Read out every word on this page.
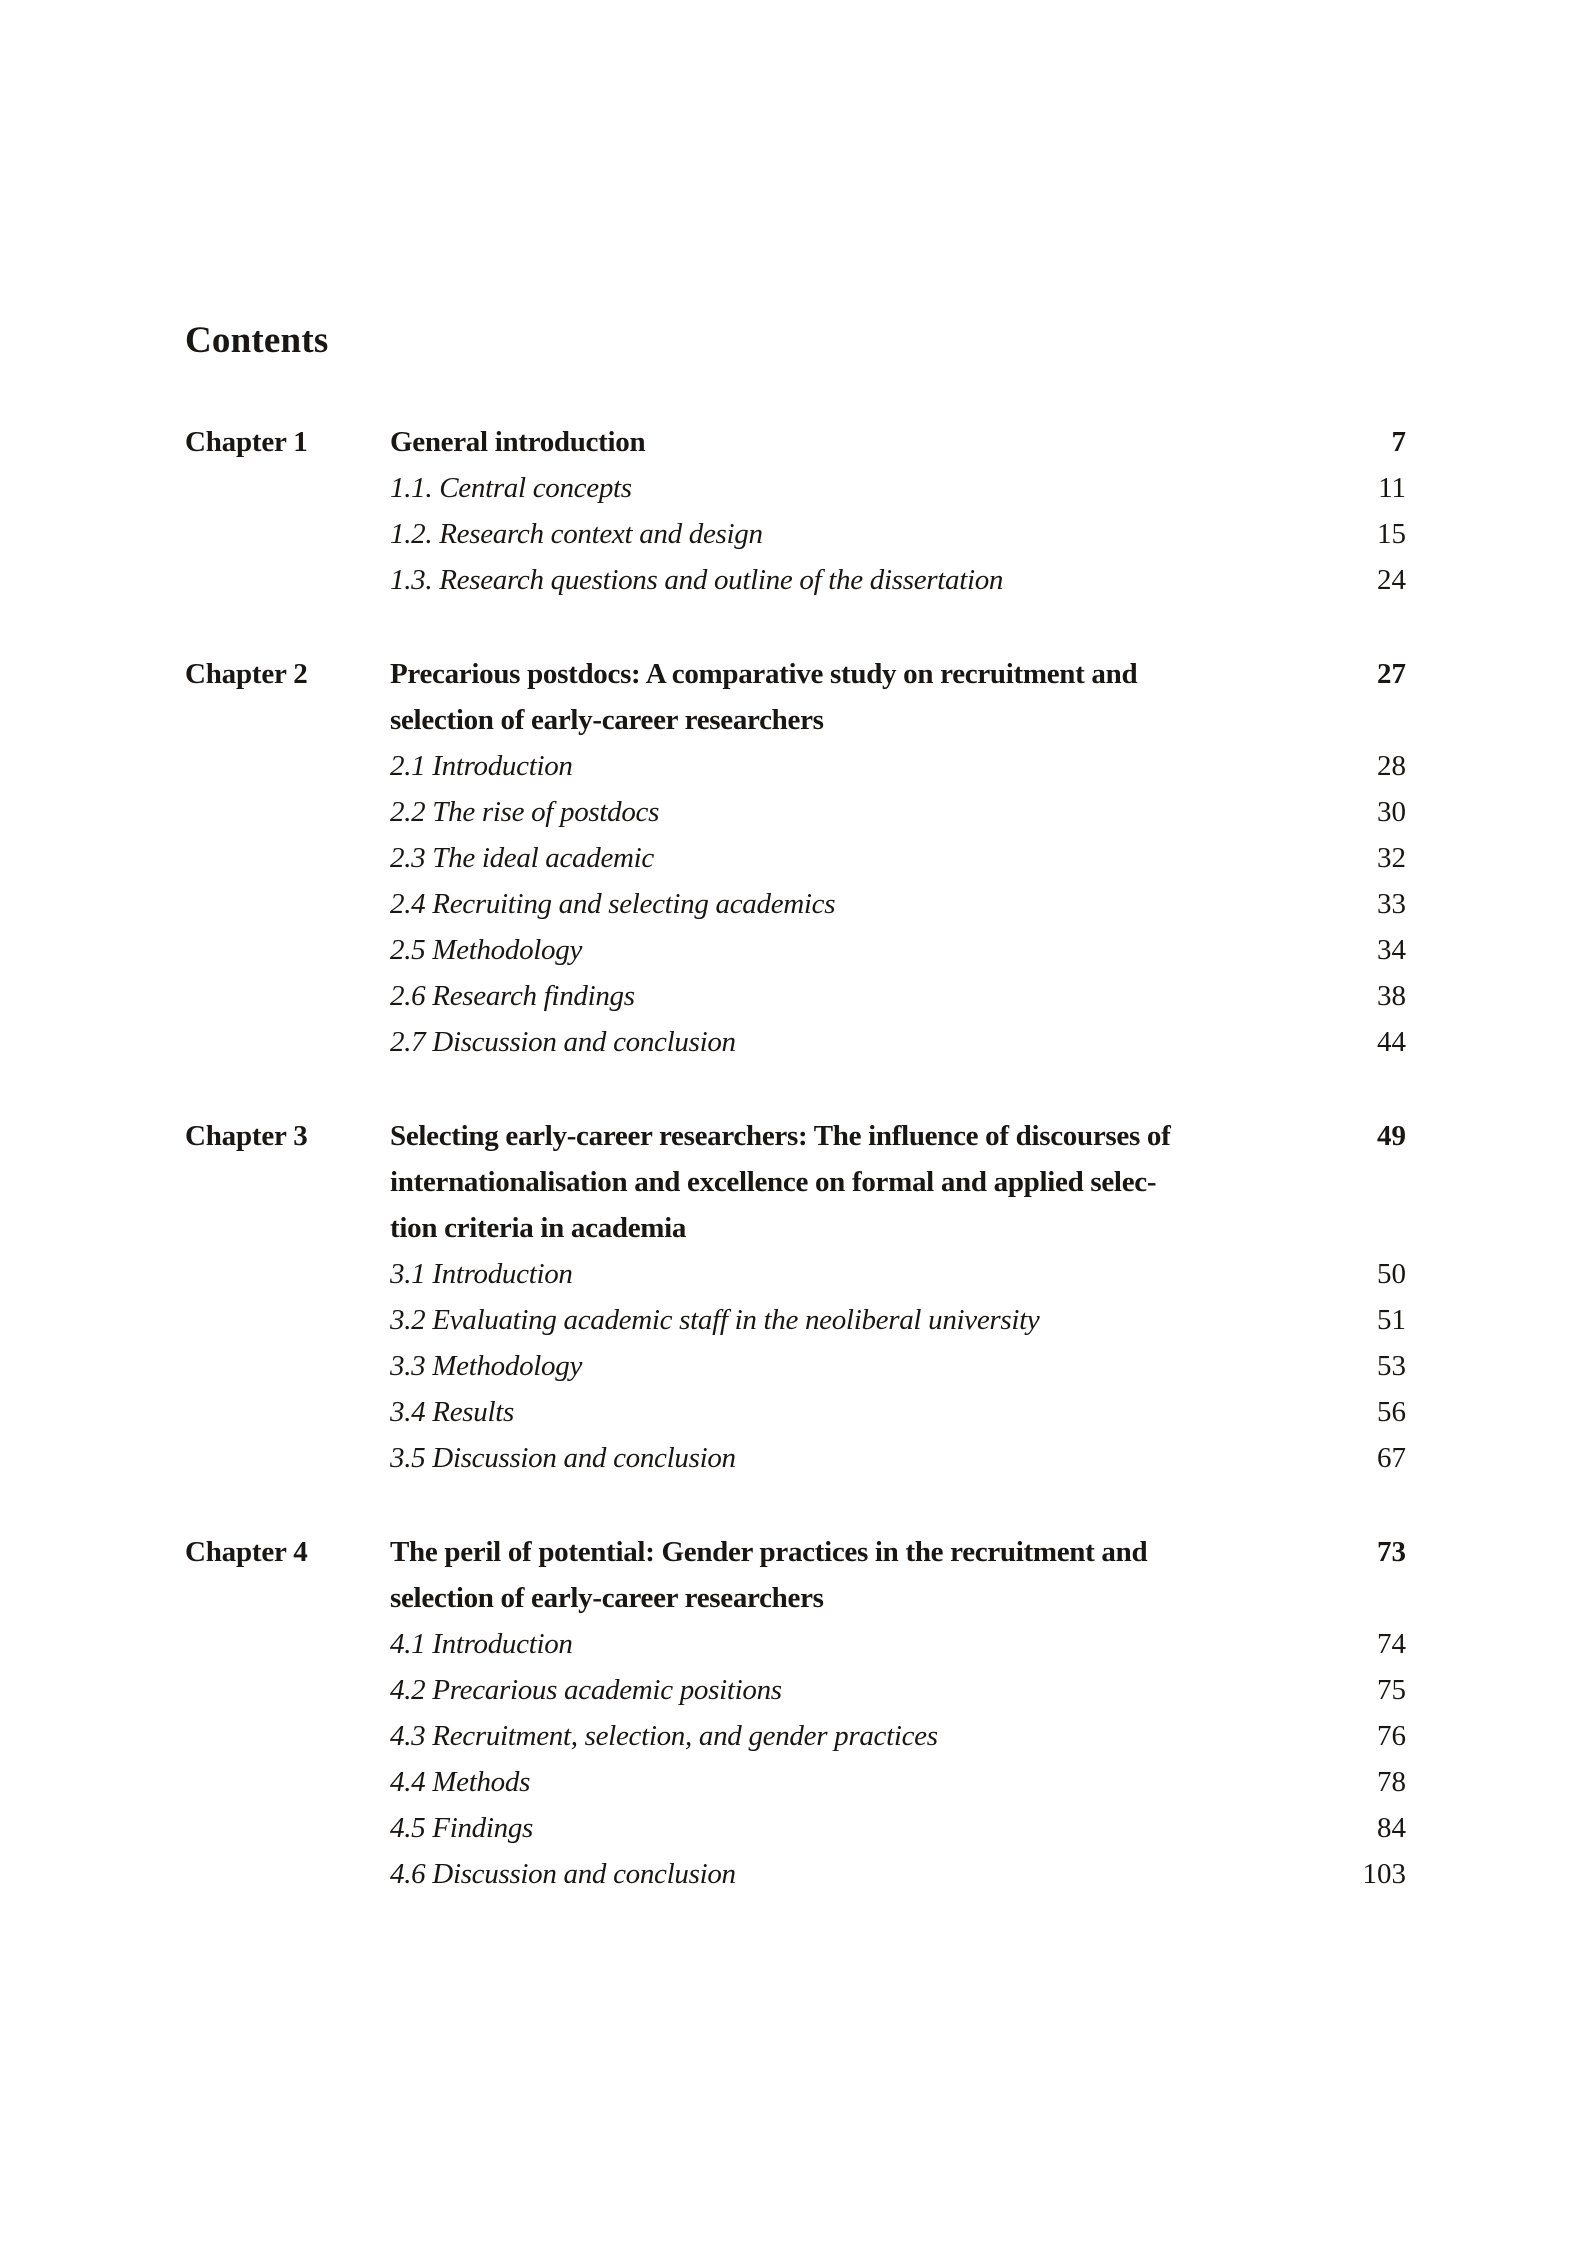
Contents
Chapter 1	General introduction	7
1.1. Central concepts	11
1.2. Research context and design	15
1.3. Research questions and outline of the dissertation	24
Chapter 2	Precarious postdocs: A comparative study on recruitment and	27
selection of early-career researchers
2.1 Introduction	28
2.2 The rise of postdocs	30
2.3 The ideal academic	32
2.4 Recruiting and selecting academics	33
2.5 Methodology	34
2.6 Research findings	38
2.7 Discussion and conclusion	44
Chapter 3	Selecting early-career researchers: The influence of discourses of	49
internationalisation and excellence on formal and applied selec-
tion criteria in academia
3.1 Introduction	50
3.2 Evaluating academic staff in the neoliberal university	51
3.3 Methodology	53
3.4 Results	56
3.5 Discussion and conclusion	67
Chapter 4	The peril of potential: Gender practices in the recruitment and	73
selection of early-career researchers
4.1 Introduction	74
4.2 Precarious academic positions	75
4.3 Recruitment, selection, and gender practices	76
4.4 Methods	78
4.5 Findings	84
4.6 Discussion and conclusion	103
